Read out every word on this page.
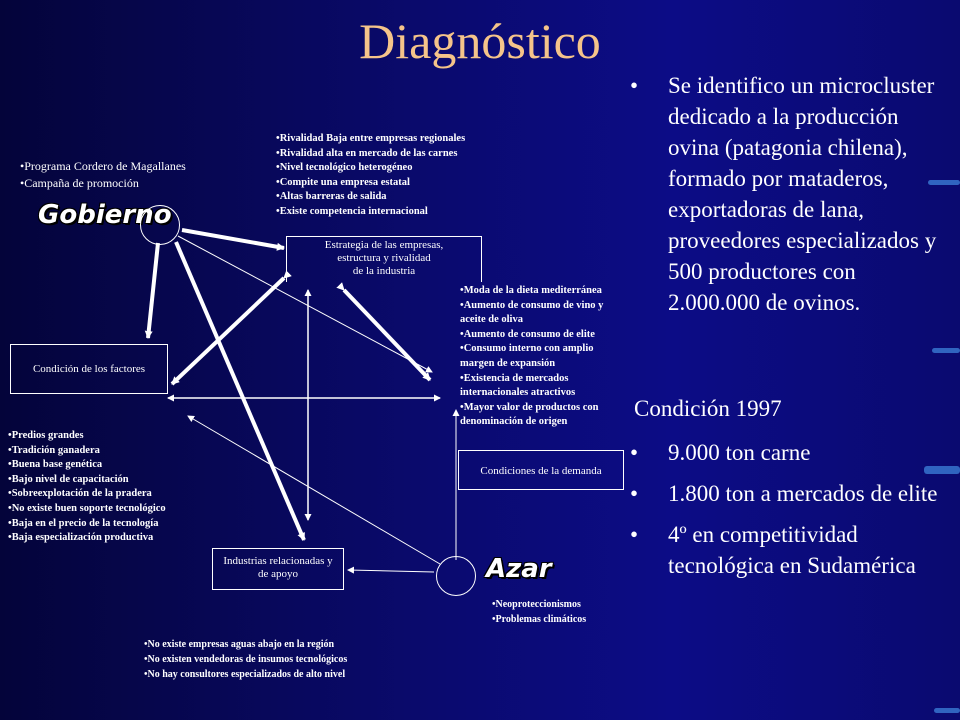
Diagnóstico
• Programa Cordero de Magallanes
• Campaña de promoción
Gobierno
• Rivalidad Baja entre empresas regionales
• Rivalidad alta en mercado de las carnes
• Nivel tecnológico heterogéneo
• Compite una empresa estatal
• Altas barreras de salida
• Existe competencia internacional
Estrategia de las empresas,
estructura y rivalidad
de la industria
• Moda de la dieta mediterránea
• Aumento de consumo de vino y
aceite de oliva
• Aumento de consumo de elite
• Consumo interno con amplio
margen de expansión
• Existencia de mercados
internacionales atractivos
• Mayor valor de productos con
denominación de origen
Condición de los factores
• Predios grandes
• Tradición ganadera
• Buena base genética
• Bajo nivel de capacitación
• Sobreexplotación de la pradera
• No existe buen soporte tecnológico
• Baja en el precio de la tecnología
• Baja especialización productiva
Condiciones de la demanda
Industrias relacionadas y
de apoyo	Azar
• Neoproteccionismos
• Problemas climáticos
• No existe empresas aguas abajo en la región
• No existen vendedoras de insumos tecnológicos
• No hay consultores especializados de alto nivel
• Se identifico un microcluster dedicado a la producción ovina (patagonia chilena), formado por mataderos, exportadoras de lana, proveedores especializados y 500 productores con 2.000.000 de ovinos.
Condición 1997
• 9.000 ton carne
• 1.800 ton a mercados de elite
• 4º en competitividad tecnológica en Sudamérica
